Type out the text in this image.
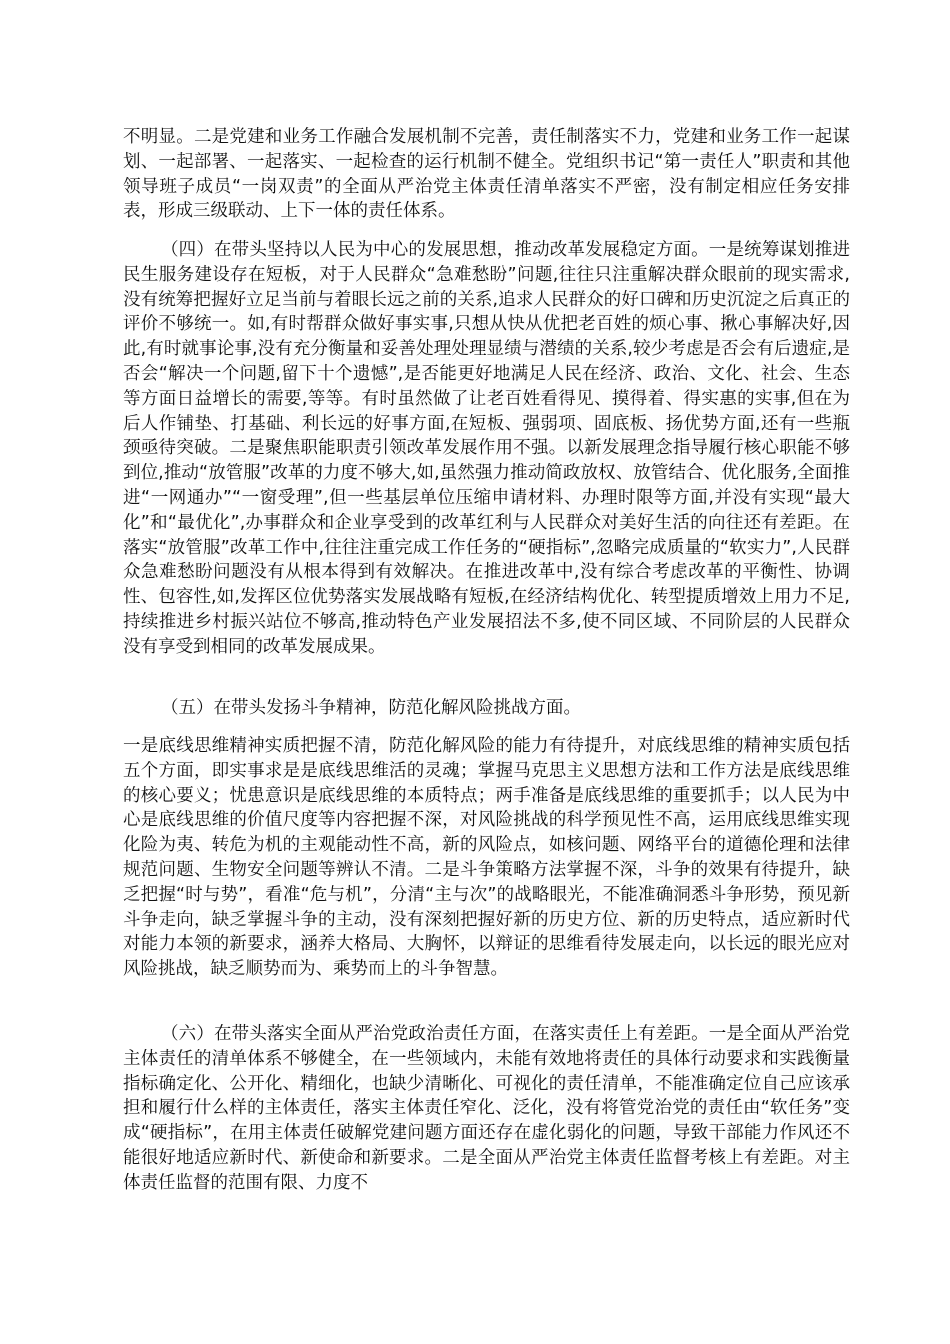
不明显。二是党建和业务工作融合发展机制不完善，责任制落实不力，党建和业务工作一起谋划、一起部署、一起落实、一起检查的运行机制不健全。党组织书记“第一责任人”职责和其他领导班子成员“一岗双责”的全面从严治党主体责任清单落实不严密，没有制定相应任务安排表，形成三级联动、上下一体的责任体系。

（四）在带头坚持以人民为中心的发展思想，推动改革发展稳定方面。一是统筹谋划推进民生服务建设存在短板，对于人民群众“急难愁盼”问题,往往只注重解决群众眼前的现实需求,没有统筹把握好立足当前与着眼长远之前的关系,追求人民群众的好口碑和历史沉淀之后真正的评价不够统一。如,有时帮群众做好事实事,只想从快从优把老百姓的烦心事、揪心事解决好,因此,有时就事论事,没有充分衡量和妥善处理处理显绩与潜绩的关系,较少考虑是否会有后遗症,是否会“解决一个问题,留下十个遗憾”,是否能更好地满足人民在经济、政治、文化、社会、生态等方面日益增长的需要,等等。有时虽然做了让老百姓看得见、摸得着、得实惠的实事,但在为后人作铺垫、打基础、利长远的好事方面,在短板、强弱项、固底板、扬优势方面,还有一些瓶颈亟待突破。二是聚焦职能职责引领改革发展作用不强。以新发展理念指导履行核心职能不够到位,推动“放管服”改革的力度不够大,如,虽然强力推动简政放权、放管结合、优化服务,全面推进“一网通办”“一窗受理”,但一些基层单位压缩申请材料、办理时限等方面,并没有实现“最大化”和“最优化”,办事群众和企业享受到的改革红利与人民群众对美好生活的向往还有差距。在落实“放管服”改革工作中,往往注重完成工作任务的“硬指标”,忽略完成质量的“软实力”,人民群众急难愁盼问题没有从根本得到有效解决。在推进改革中,没有综合考虑改革的平衡性、协调性、包容性,如,发挥区位优势落实发展战略有短板,在经济结构优化、转型提质增效上用力不足,持续推进乡村振兴站位不够高,推动特色产业发展招法不多,使不同区域、不同阶层的人民群众没有享受到相同的改革发展成果。

（五）在带头发扬斗争精神，防范化解风险挑战方面。

一是底线思维精神实质把握不清，防范化解风险的能力有待提升，对底线思维的精神实质包括五个方面，即实事求是是底线思维活的灵魂；掌握马克思主义思想方法和工作方法是底线思维的核心要义；忧患意识是底线思维的本质特点；两手准备是底线思维的重要抓手；以人民为中心是底线思维的价值尺度等内容把握不深，对风险挑战的科学预见性不高，运用底线思维实现化险为夷、转危为机的主观能动性不高，新的风险点，如核问题、网络平台的道德伦理和法律规范问题、生物安全问题等辨认不清。二是斗争策略方法掌握不深，斗争的效果有待提升，缺乏把握“时与势”，看准“危与机”，分清“主与次”的战略眼光，不能准确洞悉斗争形势，预见新斗争走向，缺乏掌握斗争的主动，没有深刻把握好新的历史方位、新的历史特点，适应新时代对能力本领的新要求，涵养大格局、大胸怀，以辩证的思维看待发展走向，以长远的眼光应对风险挑战，缺乏顺势而为、乘势而上的斗争智慧。

（六）在带头落实全面从严治党政治责任方面，在落实责任上有差距。一是全面从严治党主体责任的清单体系不够健全，在一些领域内，未能有效地将责任的具体行动要求和实践衡量指标确定化、公开化、精细化，也缺少清晰化、可视化的责任清单，不能准确定位自己应该承担和履行什么样的主体责任，落实主体责任窄化、泛化，没有将管党治党的责任由“软任务”变成“硬指标”，在用主体责任破解党建问题方面还存在虚化弱化的问题，导致干部能力作风还不能很好地适应新时代、新使命和新要求。二是全面从严治党主体责任监督考核上有差距。对主体责任监督的范围有限、力度不
